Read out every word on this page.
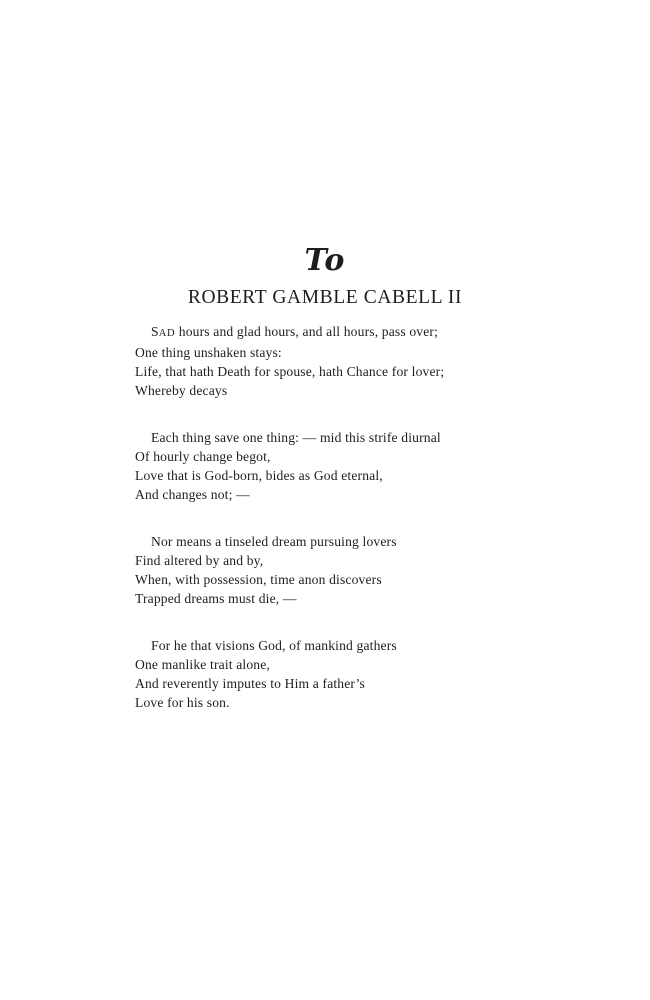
To
ROBERT GAMBLE CABELL II

SAD hours and glad hours, and all hours, pass over;
One thing unshaken stays:
Life, that hath Death for spouse, hath Chance for lover;
Whereby decays

Each thing save one thing: — mid this strife diurnal
Of hourly change begot,
Love that is God-born, bides as God eternal,
And changes not; —

Nor means a tinseled dream pursuing lovers
Find altered by and by,
When, with possession, time anon discovers
Trapped dreams must die, —

For he that visions God, of mankind gathers
One manlike trait alone,
And reverently imputes to Him a father’s
Love for his son.
